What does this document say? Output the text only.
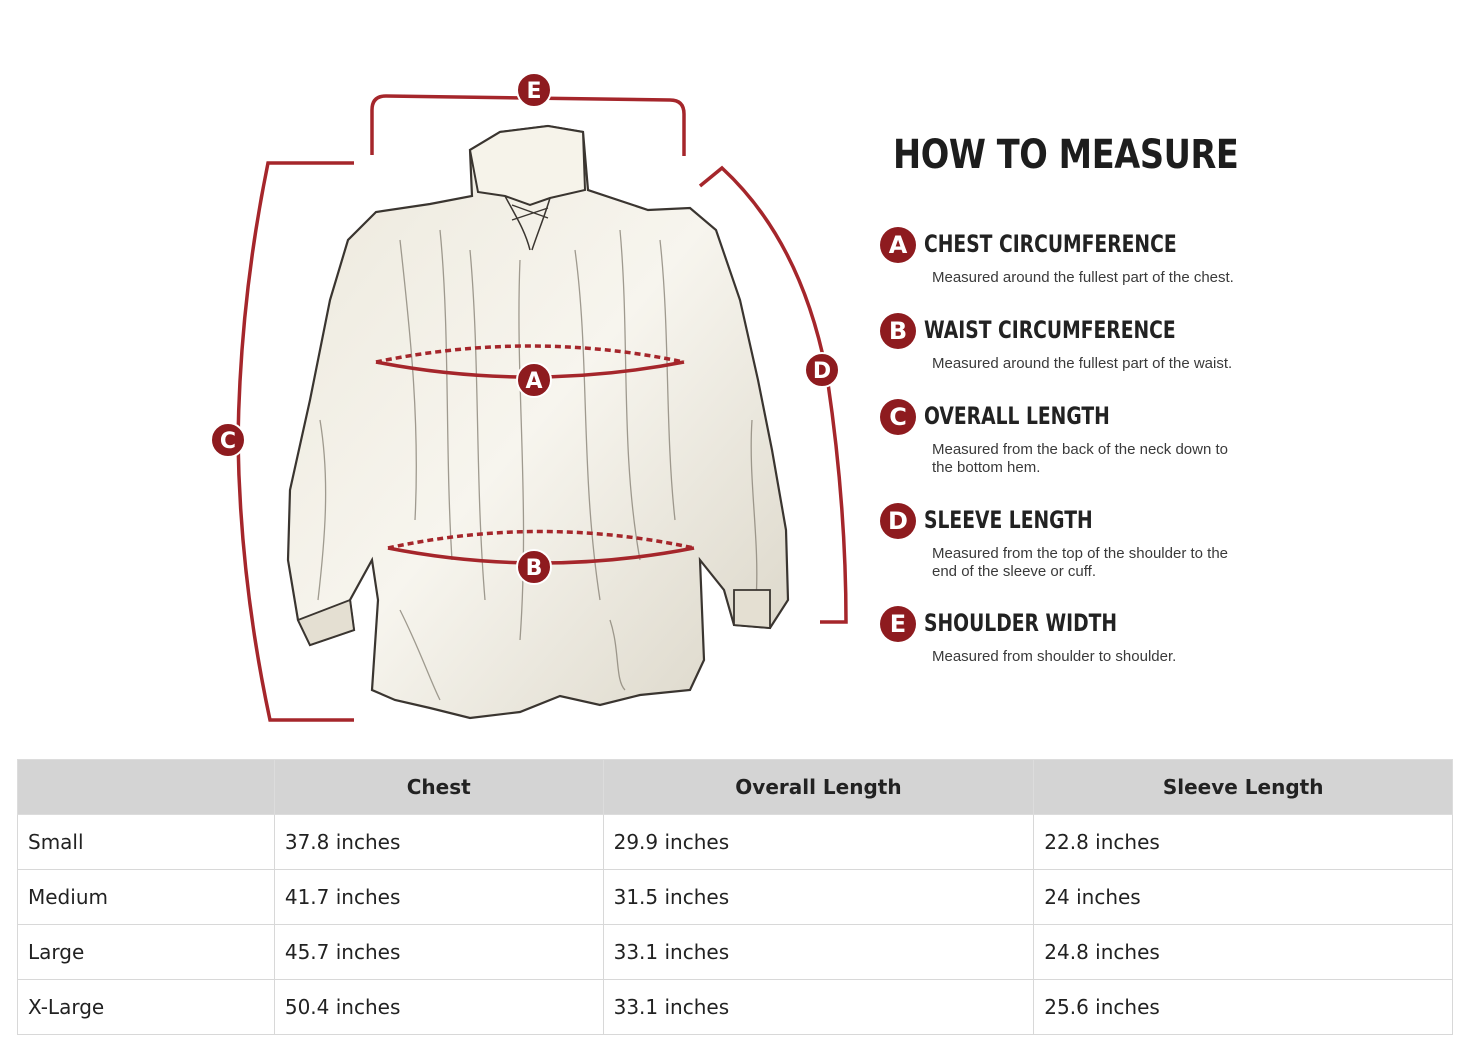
E
A
B
C
D
HOW TO MEASURE
A CHEST CIRCUMFERENCE
Measured around the fullest part of the chest.
B WAIST CIRCUMFERENCE
Measured around the fullest part of the waist.
C OVERALL LENGTH
Measured from the back of the neck down to the bottom hem.
D SLEEVE LENGTH
Measured from the top of the shoulder to the end of the sleeve or cuff.
E SHOULDER WIDTH
Measured from shoulder to shoulder.
	Chest	Overall Length	Sleeve Length
Small	37.8 inches	29.9 inches	22.8 inches
Medium	41.7 inches	31.5 inches	24 inches
Large	45.7 inches	33.1 inches	24.8 inches
X-Large	50.4 inches	33.1 inches	25.6 inches
